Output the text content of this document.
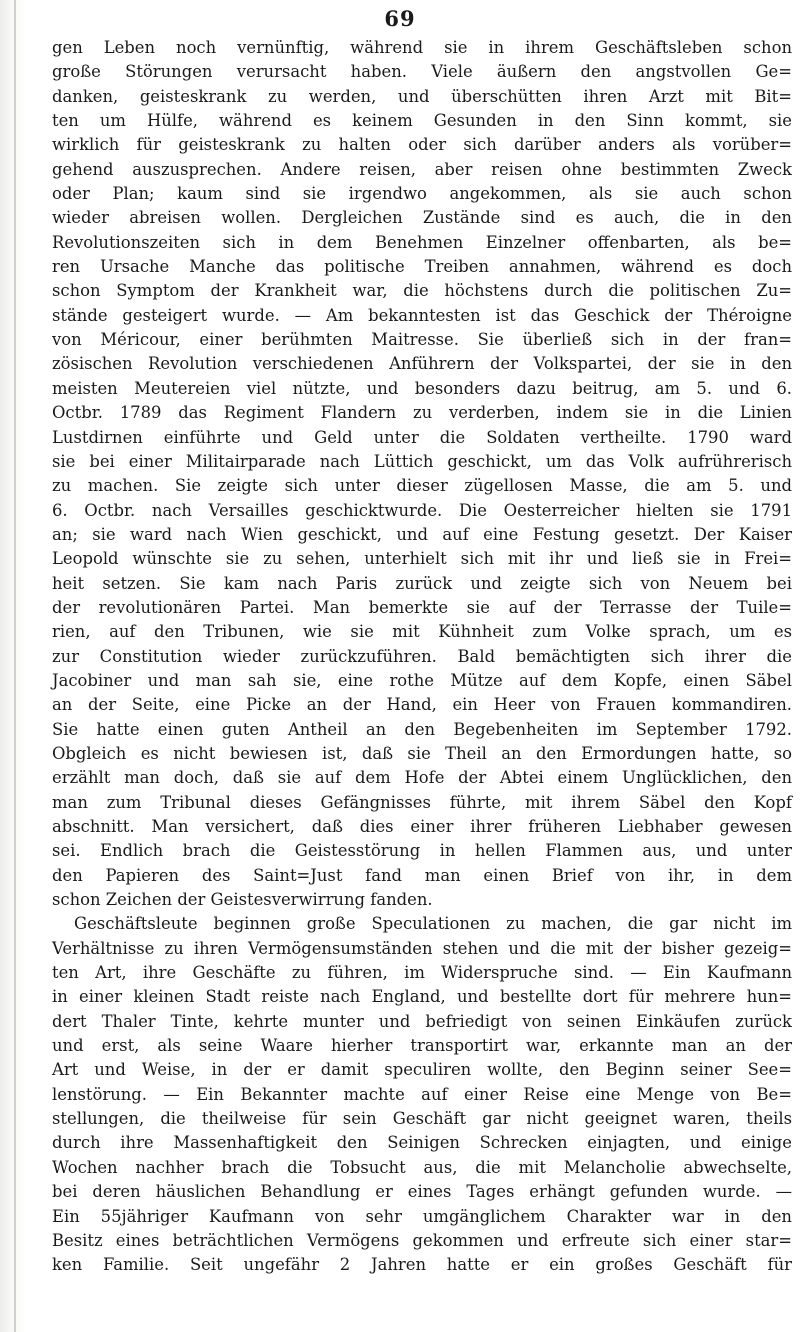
69
gen Leben noch vernünftig, während sie in ihrem Geschäftsleben schon
große Störungen verursacht haben. Viele äußern den angstvollen Ge=
danken, geisteskrank zu werden, und überschütten ihren Arzt mit Bit=
ten um Hülfe, während es keinem Gesunden in den Sinn kommt, sie
wirklich für geisteskrank zu halten oder sich darüber anders als vorüber=
gehend auszusprechen. Andere reisen, aber reisen ohne bestimmten Zweck
oder Plan; kaum sind sie irgendwo angekommen, als sie auch schon
wieder abreisen wollen. Dergleichen Zustände sind es auch, die in den
Revolutionszeiten sich in dem Benehmen Einzelner offenbarten, als be=
ren Ursache Manche das politische Treiben annahmen, während es doch
schon Symptom der Krankheit war, die höchstens durch die politischen Zu=
stände gesteigert wurde. — Am bekanntesten ist das Geschick der Théroigne
von Méricour, einer berühmten Maitresse. Sie überließ sich in der fran=
zösischen Revolution verschiedenen Anführern der Volkspartei, der sie in den
meisten Meutereien viel nützte, und besonders dazu beitrug, am 5. und 6.
Octbr. 1789 das Regiment Flandern zu verderben, indem sie in die Linien
Lustdirnen einführte und Geld unter die Soldaten vertheilte. 1790 ward
sie bei einer Militairparade nach Lüttich geschickt, um das Volk aufrührerisch
zu machen. Sie zeigte sich unter dieser zügellosen Masse, die am 5. und
6. Octbr. nach Versailles geschicktwurde. Die Oesterreicher hielten sie 1791
an; sie ward nach Wien geschickt, und auf eine Festung gesetzt. Der Kaiser
Leopold wünschte sie zu sehen, unterhielt sich mit ihr und ließ sie in Frei=
heit setzen. Sie kam nach Paris zurück und zeigte sich von Neuem bei
der revolutionären Partei. Man bemerkte sie auf der Terrasse der Tuile=
rien, auf den Tribunen, wie sie mit Kühnheit zum Volke sprach, um es
zur Constitution wieder zurückzuführen. Bald bemächtigten sich ihrer die
Jacobiner und man sah sie, eine rothe Mütze auf dem Kopfe, einen Säbel
an der Seite, eine Picke an der Hand, ein Heer von Frauen kommandiren.
Sie hatte einen guten Antheil an den Begebenheiten im September 1792.
Obgleich es nicht bewiesen ist, daß sie Theil an den Ermordungen hatte, so
erzählt man doch, daß sie auf dem Hofe der Abtei einem Unglücklichen, den
man zum Tribunal dieses Gefängnisses führte, mit ihrem Säbel den Kopf
abschnitt. Man versichert, daß dies einer ihrer früheren Liebhaber gewesen
sei. Endlich brach die Geistesstörung in hellen Flammen aus, und unter
den Papieren des Saint=Just fand man einen Brief von ihr, in dem
schon Zeichen der Geistesverwirrung fanden.
Geschäftsleute beginnen große Speculationen zu machen, die gar nicht im
Verhältnisse zu ihren Vermögensumständen stehen und die mit der bisher gezeig=
ten Art, ihre Geschäfte zu führen, im Widerspruche sind. — Ein Kaufmann
in einer kleinen Stadt reiste nach England, und bestellte dort für mehrere hun=
dert Thaler Tinte, kehrte munter und befriedigt von seinen Einkäufen zurück
und erst, als seine Waare hierher transportirt war, erkannte man an der
Art und Weise, in der er damit speculiren wollte, den Beginn seiner Seе=
lenstörung. — Ein Bekannter machte auf einer Reise eine Menge von Be=
stellungen, die theilweise für sein Geschäft gar nicht geeignet waren, theils
durch ihre Massenhaftigkeit den Seinigen Schrecken einjagten, und einige
Wochen nachher brach die Tobsucht aus, die mit Melancholie abwechselte,
bei deren häuslichen Behandlung er eines Tages erhängt gefunden wurde. —
Ein 55jähriger Kaufmann von sehr umgänglichem Charakter war in den
Besitz eines beträchtlichen Vermögens gekommen und erfreute sich einer star=
ken Familie. Seit ungefähr 2 Jahren hatte er ein großes Geschäft für
